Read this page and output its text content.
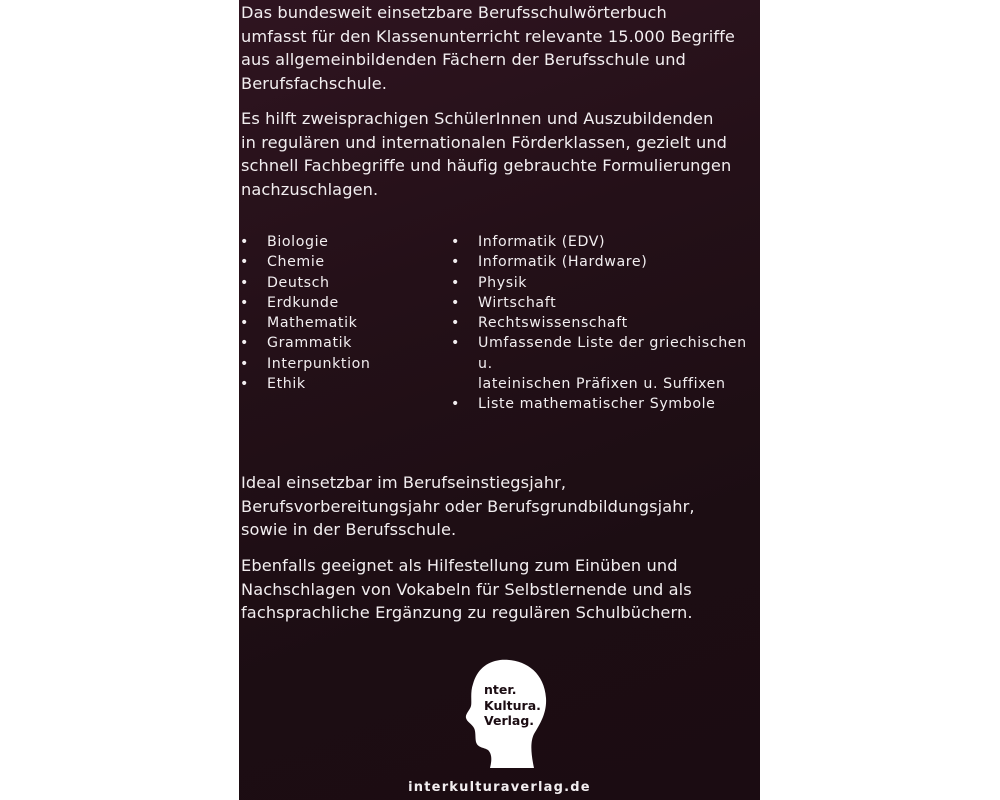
Das bundesweit einsetzbare Berufsschulwörterbuch
umfasst für den Klassenunterricht relevante 15.000 Begriffe
aus allgemeinbildenden Fächern der Berufsschule und
Berufsfachschule.

Es hilft zweisprachigen SchülerInnen und Auszubildenden
in regulären und internationalen Förderklassen, gezielt und
schnell Fachbegriffe und häufig gebrauchte Formulierungen
nachzuschlagen.

• Biologie
• Chemie
• Deutsch
• Erdkunde
• Mathematik
• Grammatik
• Interpunktion
• Ethik
• Informatik (EDV)
• Informatik (Hardware)
• Physik
• Wirtschaft
• Rechtswissenschaft
• Umfassende Liste der griechischen u.
lateinischen Präfixen u. Suffixen
• Liste mathematischer Symbole

Ideal einsetzbar im Berufseinstiegsjahr,
Berufsvorbereitungsjahr oder Berufsgrundbildungsjahr,
sowie in der Berufsschule.

Ebenfalls geeignet als Hilfestellung zum Einüben und
Nachschlagen von Vokabeln für Selbstlernende und als
fachsprachliche Ergänzung zu regulären Schulbüchern.

nter.
Kultura.
Verlag.
interkulturaverlag.de
